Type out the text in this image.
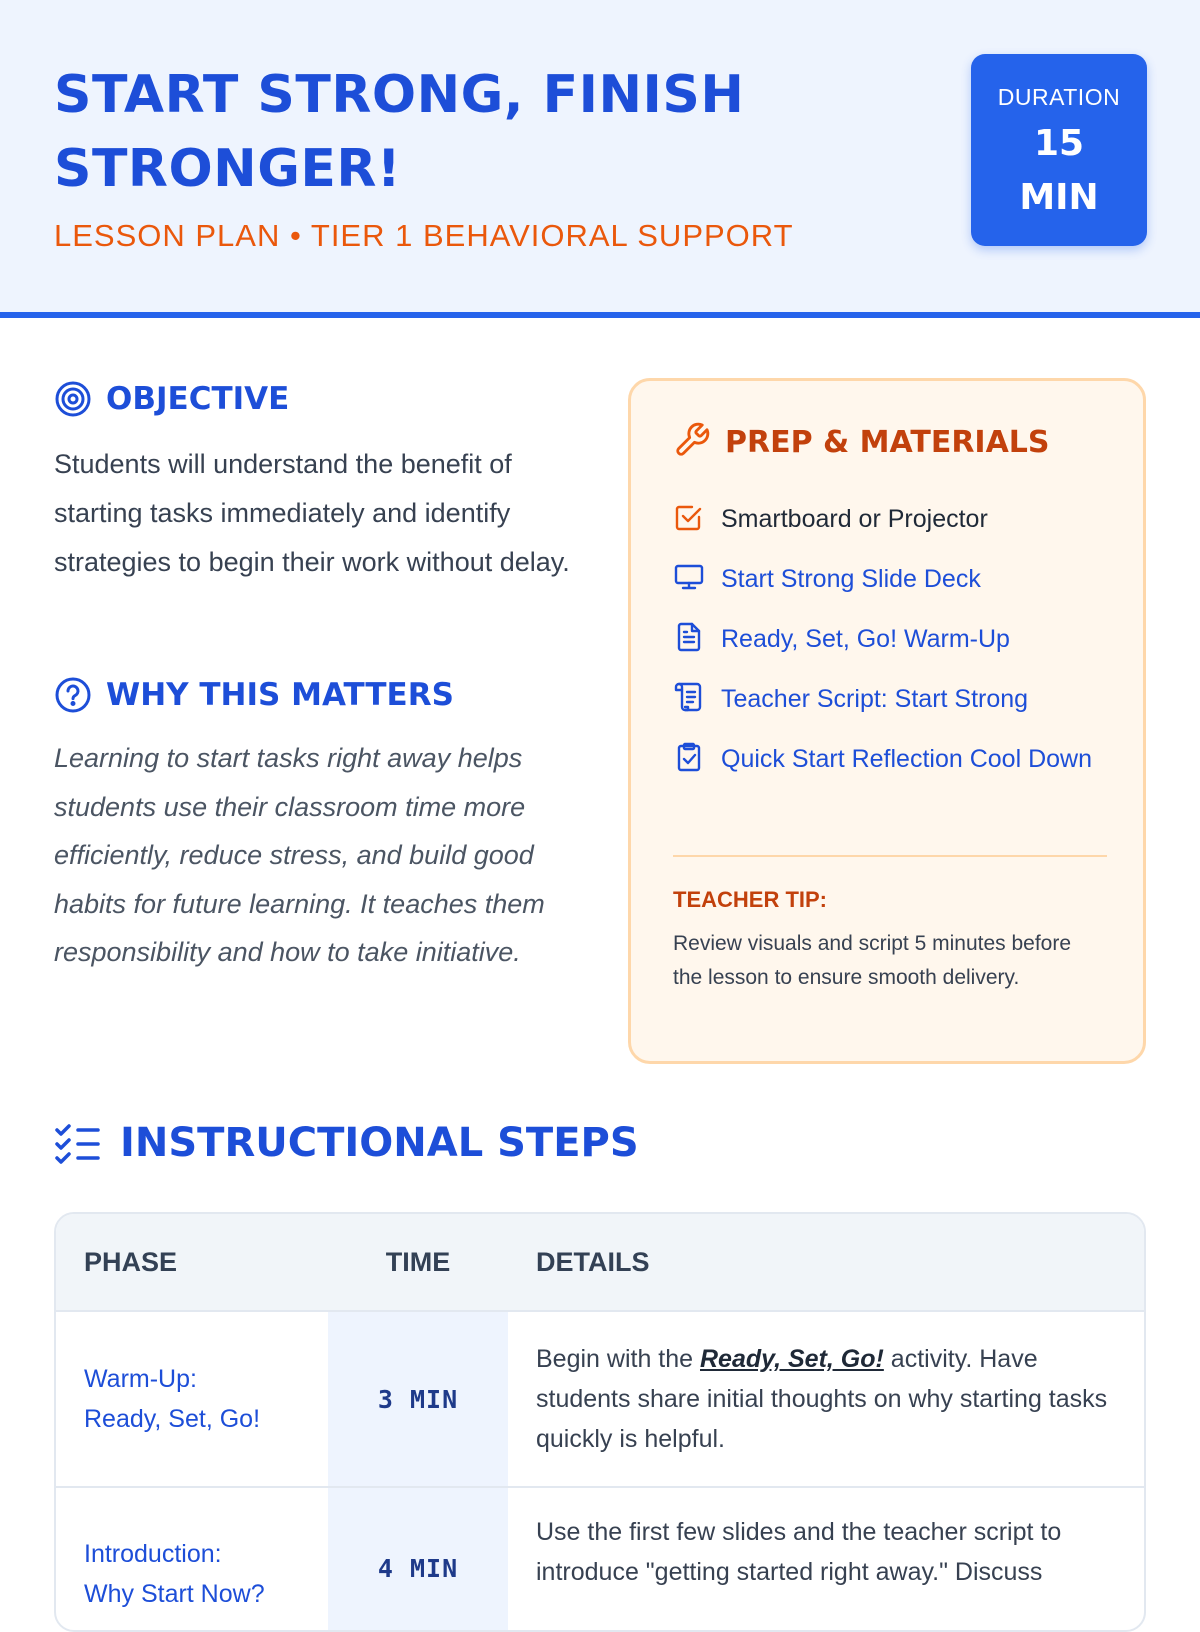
START STRONG, FINISH STRONGER!

LESSON PLAN • TIER 1 BEHAVIORAL SUPPORT

DURATION
15 MIN
OBJECTIVE

Students will understand the benefit of starting tasks immediately and identify strategies to begin their work without delay.

WHY THIS MATTERS

Learning to start tasks right away helps students use their classroom time more efficiently, reduce stress, and build good habits for future learning. It teaches them responsibility and how to take initiative.

PREP & MATERIALS
Smartboard or Projector
Start Strong Slide Deck
Ready, Set, Go! Warm-Up
Teacher Script: Start Strong
Quick Start Reflection Cool Down

TEACHER TIP:

Review visuals and script 5 minutes before the lesson to ensure smooth delivery.

INSTRUCTIONAL STEPS
PHASE	TIME	DETAILS
Warm-Up:
Ready, Set, Go!	3 MIN	Begin with the Ready, Set, Go! activity. Have students share initial thoughts on why starting tasks quickly is helpful.
Introduction:
Why Start Now?	4 MIN	Use the first few slides and the teacher script to introduce "getting started right away." Discuss
